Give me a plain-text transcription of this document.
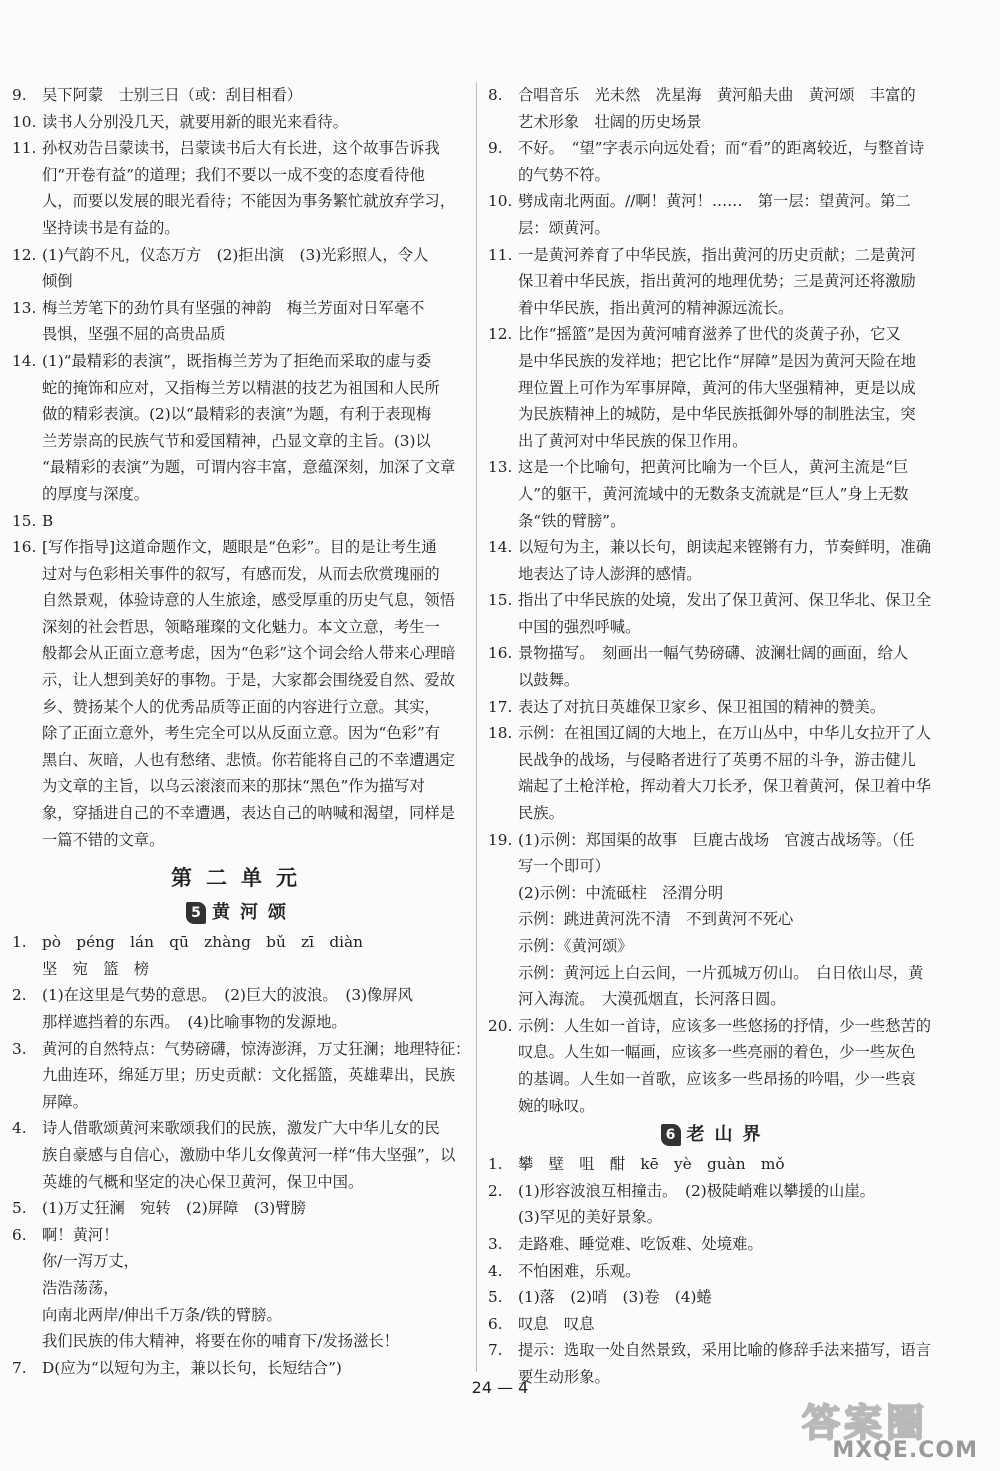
9. 吴下阿蒙　士别三日（或：刮目相看）
10. 读书人分别没几天，就要用新的眼光来看待。
11. 孙权劝告吕蒙读书，吕蒙读书后大有长进，这个故事告诉我
们“开卷有益”的道理；我们不要以一成不变的态度看待他
人，而要以发展的眼光看待；不能因为事务繁忙就放弃学习，
坚持读书是有益的。
12. (1)气韵不凡，仪态万方　(2)拒出演　(3)光彩照人，令人
倾倒
13. 梅兰芳笔下的劲竹具有坚强的神韵　梅兰芳面对日军毫不
畏惧，坚强不屈的高贵品质
14. (1)“最精彩的表演”，既指梅兰芳为了拒绝而采取的虚与委
蛇的掩饰和应对，又指梅兰芳以精湛的技艺为祖国和人民所
做的精彩表演。(2)以“最精彩的表演”为题，有利于表现梅
兰芳崇高的民族气节和爱国精神，凸显文章的主旨。(3)以
“最精彩的表演”为题，可谓内容丰富，意蕴深刻，加深了文章
的厚度与深度。
15. B
16. [写作指导]这道命题作文，题眼是“色彩”。目的是让考生通
过对与色彩相关事件的叙写，有感而发，从而去欣赏瑰丽的
自然景观，体验诗意的人生旅途，感受厚重的历史气息，领悟
深刻的社会哲思，领略璀璨的文化魅力。本文立意，考生一
般都会从正面立意考虑，因为“色彩”这个词会给人带来心理暗
示，让人想到美好的事物。于是，大家都会围绕爱自然、爱故
乡、赞扬某个人的优秀品质等正面的内容进行立意。其实，
除了正面立意外，考生完全可以从反面立意。因为“色彩”有
黑白、灰暗，人也有愁绪、悲愤。你若能将自己的不幸遭遇定
为文章的主旨，以乌云滚滚而来的那抹“黑色”作为描写对
象，穿插进自己的不幸遭遇，表达自己的呐喊和渴望，同样是
一篇不错的文章。
第二单元
5 黄河颂
1. pò　péng　lán　qū　zhàng　bǔ　zī　diàn
坚　宛　篮　榜
2. (1)在这里是气势的意思。　(2)巨大的波浪。　(3)像屏风
那样遮挡着的东西。　(4)比喻事物的发源地。
3. 黄河的自然特点：气势磅礴，惊涛澎湃，万丈狂澜；地理特征：
九曲连环，绵延万里；历史贡献：文化摇篮，英雄辈出，民族
屏障。
4. 诗人借歌颂黄河来歌颂我们的民族，激发广大中华儿女的民
族自豪感与自信心，激励中华儿女像黄河一样“伟大坚强”，以
英雄的气概和坚定的决心保卫黄河，保卫中国。
5. (1)万丈狂澜　宛转　(2)屏障　(3)臂膀
6. 啊！黄河！
你/一泻万丈，
浩浩荡荡，
向南北两岸/伸出千万条/铁的臂膀。
我们民族的伟大精神，将要在你的哺育下/发扬滋长！
7. D(应为“以短句为主，兼以长句，长短结合”)
8. 合唱音乐　光未然　冼星海　黄河船夫曲　黄河颂　丰富的
艺术形象　壮阔的历史场景
9. 不好。　“望”字表示向远处看；而“看”的距离较近，与整首诗
的气势不符。
10. 劈成南北两面。//啊！黄河！……　第一层：望黄河。第二
层：颂黄河。
11. 一是黄河养育了中华民族，指出黄河的历史贡献；二是黄河
保卫着中华民族，指出黄河的地理优势；三是黄河还将激励
着中华民族，指出黄河的精神源远流长。
12. 比作“摇篮”是因为黄河哺育滋养了世代的炎黄子孙，它又
是中华民族的发祥地；把它比作“屏障”是因为黄河天险在地
理位置上可作为军事屏障，黄河的伟大坚强精神，更是以成
为民族精神上的城防，是中华民族抵御外辱的制胜法宝，突
出了黄河对中华民族的保卫作用。
13. 这是一个比喻句，把黄河比喻为一个巨人，黄河主流是“巨
人”的躯干，黄河流域中的无数条支流就是“巨人”身上无数
条“铁的臂膀”。
14. 以短句为主，兼以长句，朗读起来铿锵有力，节奏鲜明，准确
地表达了诗人澎湃的感情。
15. 指出了中华民族的处境，发出了保卫黄河、保卫华北、保卫全
中国的强烈呼喊。
16. 景物描写。　刻画出一幅气势磅礴、波澜壮阔的画面，给人
以鼓舞。
17. 表达了对抗日英雄保卫家乡、保卫祖国的精神的赞美。
18. 示例：在祖国辽阔的大地上，在万山丛中，中华儿女拉开了人
民战争的战场，与侵略者进行了英勇不屈的斗争，游击健儿
端起了土枪洋枪，挥动着大刀长矛，保卫着黄河，保卫着中华
民族。
19. (1)示例：郑国渠的故事　巨鹿古战场　官渡古战场等。（任
写一个即可）
(2)示例：中流砥柱　泾渭分明
示例：跳进黄河洗不清　不到黄河不死心
示例：《黄河颂》
示例：黄河远上白云间，一片孤城万仞山。　白日依山尽，黄
河入海流。　大漠孤烟直，长河落日圆。
20. 示例：人生如一首诗，应该多一些悠扬的抒情，少一些愁苦的
叹息。人生如一幅画，应该多一些亮丽的着色，少一些灰色
的基调。人生如一首歌，应该多一些昂扬的吟唱，少一些哀
婉的咏叹。
6 老山界
1. 攀　壁　咀　酣　kē　yè　guàn　mǒ
2. (1)形容波浪互相撞击。　(2)极陡峭难以攀援的山崖。
(3)罕见的美好景象。
3. 走路难、睡觉难、吃饭难、处境难。
4. 不怕困难，乐观。
5. (1)落　(2)哨　(3)卷　(4)蜷
6. 叹息　叹息
7. 提示：选取一处自然景致，采用比喻的修辞手法来描写，语言
要生动形象。
24 — 4
答案圈
MXQE.COM
